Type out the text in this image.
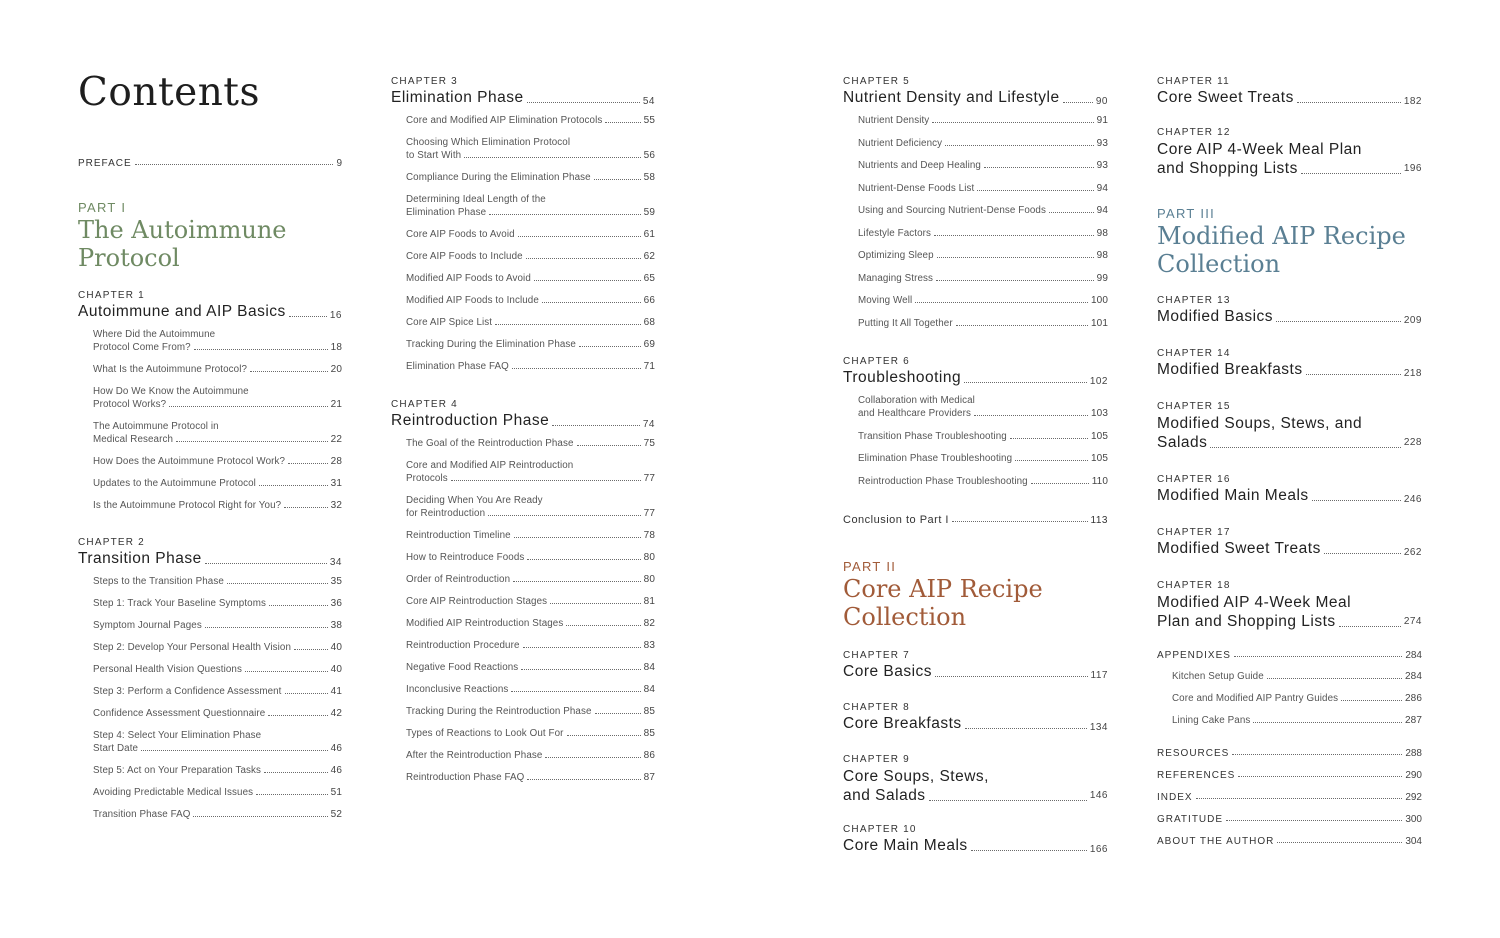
Contents
PREFACE	9

PART I

The Autoimmune
Protocol

CHAPTER 1

Autoimmune and AIP Basics	16
Where Did the Autoimmune
Protocol Come From?	18
What Is the Autoimmune Protocol?	20
How Do We Know the Autoimmune
Protocol Works?	21
The Autoimmune Protocol in
Medical Research	22
How Does the Autoimmune Protocol Work?	28
Updates to the Autoimmune Protocol	31
Is the Autoimmune Protocol Right for You?	32

CHAPTER 2

Transition Phase	34
Steps to the Transition Phase	35
Step 1: Track Your Baseline Symptoms	36
Symptom Journal Pages	38
Step 2: Develop Your Personal Health Vision	40
Personal Health Vision Questions	40
Step 3: Perform a Confidence Assessment	41
Confidence Assessment Questionnaire	42
Step 4: Select Your Elimination Phase
Start Date	46
Step 5: Act on Your Preparation Tasks	46
Avoiding Predictable Medical Issues	51
Transition Phase FAQ	52

CHAPTER 3

Elimination Phase	54
Core and Modified AIP Elimination Protocols	55
Choosing Which Elimination Protocol
to Start With	56
Compliance During the Elimination Phase	58
Determining Ideal Length of the
Elimination Phase	59
Core AIP Foods to Avoid	61
Core AIP Foods to Include	62
Modified AIP Foods to Avoid	65
Modified AIP Foods to Include	66
Core AIP Spice List	68
Tracking During the Elimination Phase	69
Elimination Phase FAQ	71

CHAPTER 4

Reintroduction Phase	74
The Goal of the Reintroduction Phase	75
Core and Modified AIP Reintroduction
Protocols	77
Deciding When You Are Ready
for Reintroduction	77
Reintroduction Timeline	78
How to Reintroduce Foods	80
Order of Reintroduction	80
Core AIP Reintroduction Stages	81
Modified AIP Reintroduction Stages	82
Reintroduction Procedure	83
Negative Food Reactions	84
Inconclusive Reactions	84
Tracking During the Reintroduction Phase	85
Types of Reactions to Look Out For	85
After the Reintroduction Phase	86
Reintroduction Phase FAQ	87

CHAPTER 5

Nutrient Density and Lifestyle	90
Nutrient Density	91
Nutrient Deficiency	93
Nutrients and Deep Healing	93
Nutrient-Dense Foods List	94
Using and Sourcing Nutrient-Dense Foods	94
Lifestyle Factors	98
Optimizing Sleep	98
Managing Stress	99
Moving Well	100
Putting It All Together	101

CHAPTER 6

Troubleshooting	102
Collaboration with Medical
and Healthcare Providers	103
Transition Phase Troubleshooting	105
Elimination Phase Troubleshooting	105
Reintroduction Phase Troubleshooting	110
Conclusion to Part I	113

PART II

Core AIP Recipe
Collection

CHAPTER 7

Core Basics	117

CHAPTER 8

Core Breakfasts	134

CHAPTER 9

Core Soups, Stews,
and Salads	146

CHAPTER 10

Core Main Meals	166

CHAPTER 11

Core Sweet Treats	182

CHAPTER 12

Core AIP 4-Week Meal Plan
and Shopping Lists	196

PART III

Modified AIP Recipe
Collection

CHAPTER 13

Modified Basics	209

CHAPTER 14

Modified Breakfasts	218

CHAPTER 15

Modified Soups, Stews, and
Salads	228

CHAPTER 16

Modified Main Meals	246

CHAPTER 17

Modified Sweet Treats	262

CHAPTER 18

Modified AIP 4-Week Meal
Plan and Shopping Lists	274
APPENDIXES	284
Kitchen Setup Guide	284
Core and Modified AIP Pantry Guides	286
Lining Cake Pans	287
RESOURCES	288
REFERENCES	290
INDEX	292
GRATITUDE	300
ABOUT THE AUTHOR	304
